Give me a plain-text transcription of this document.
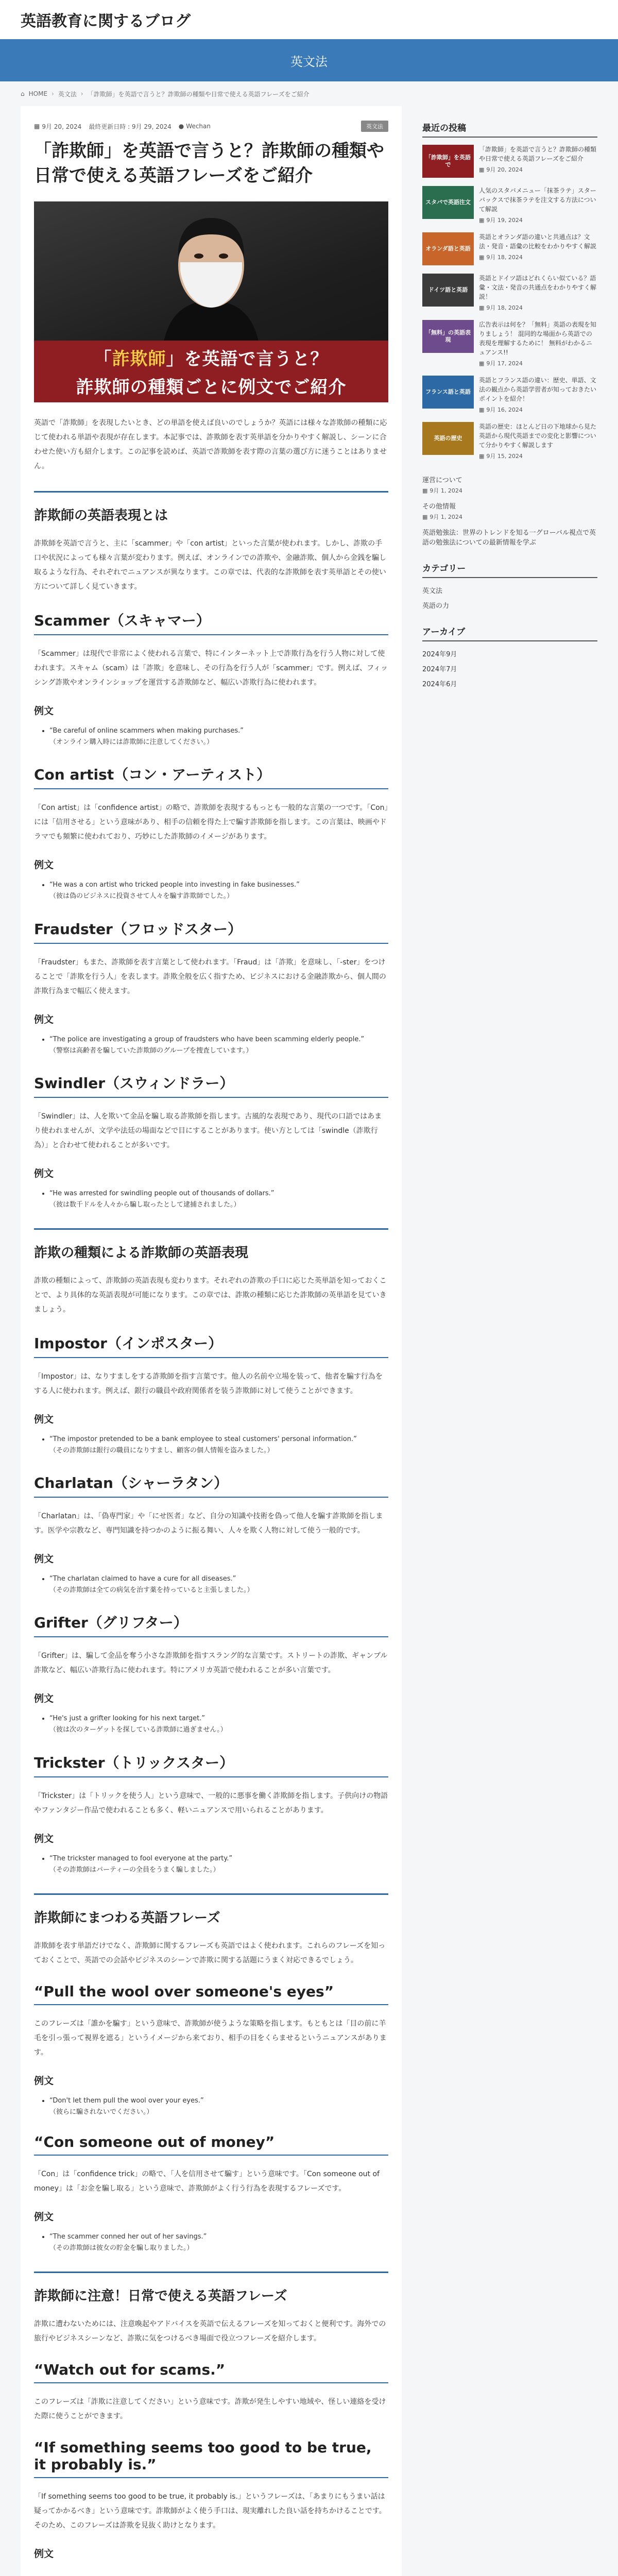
英語教育に関するブログ
英文法
⌂ HOME › 英文法 › 「詐欺師」を英語で言うと？詐欺師の種類や日常で使える英語フレーズをご紹介
▦ 9月 20, 2024 最終更新日時 : 9月 29, 2024 ● Wechan	英文法
「詐欺師」を英語で言うと？詐欺師の種類や日常で使える英語フレーズをご紹介
「詐欺師」を英語で言うと？
詐欺師の種類ごとに例文でご紹介

英語で「詐欺師」を表現したいとき、どの単語を使えば良いのでしょうか？英語には様々な詐欺師の種類に応じて使われる単語や表現が存在します。本記事では、詐欺師を表す英単語を分かりやすく解説し、シーンに合わせた使い方も紹介します。この記事を読めば、英語で詐欺師を表す際の言葉の選び方に迷うことはありません。

詐欺師の英語表現とは

詐欺師を英語で言うと、主に「scammer」や「con artist」といった言葉が使われます。しかし、詐欺の手口や状況によっても様々言葉が変わります。例えば、オンラインでの詐欺や、金融詐欺、個人から金銭を騙し取るような行為、それぞれでニュアンスが異なります。この章では、代表的な詐欺師を表す英単語とその使い方について詳しく見ていきます。

Scammer（スキャマー）

「Scammer」は現代で非常によく使われる言葉で、特にインターネット上で詐欺行為を行う人物に対して使われます。スキャム（scam）は「詐欺」を意味し、その行為を行う人が「scammer」です。例えば、フィッシング詐欺やオンラインショップを運営する詐欺師など、幅広い詐欺行為に使われます。

例文
• “Be careful of online scammers when making purchases.”
（オンライン購入時には詐欺師に注意してください。）
Con artist（コン・アーティスト）

「Con artist」は「confidence artist」の略で、詐欺師を表現するもっとも一般的な言葉の一つです。「Con」には「信用させる」という意味があり、相手の信頼を得た上で騙す詐欺師を指します。この言葉は、映画やドラマでも頻繁に使われており、巧妙にした詐欺師のイメージがあります。

例文
• “He was a con artist who tricked people into investing in fake businesses.”
（彼は偽のビジネスに投資させて人々を騙す詐欺師でした。）
Fraudster（フロッドスター）

「Fraudster」もまた、詐欺師を表す言葉として使われます。「Fraud」は「詐欺」を意味し、「-ster」をつけることで「詐欺を行う人」を表します。詐欺全般を広く指すため、ビジネスにおける金融詐欺から、個人間の詐欺行為まで幅広く使えます。

例文
• “The police are investigating a group of fraudsters who have been scamming elderly people.”
（警察は高齢者を騙していた詐欺師のグループを捜査しています。）
Swindler（スウィンドラー）

「Swindler」は、人を欺いて金品を騙し取る詐欺師を指します。古風的な表現であり、現代の口語ではあまり使われませんが、文学や法廷の場面などで目にすることがあります。使い方としては「swindle（詐欺行為）」と合わせて使われることが多いです。

例文
• “He was arrested for swindling people out of thousands of dollars.”
（彼は数千ドルを人々から騙し取ったとして逮捕されました。）
詐欺の種類による詐欺師の英語表現

詐欺の種類によって、詐欺師の英語表現も変わります。それぞれの詐欺の手口に応じた英単語を知っておくことで、より具体的な英語表現が可能になります。この章では、詐欺の種類に応じた詐欺師の英単語を見ていきましょう。

Impostor（インポスター）

「Impostor」は、なりすましをする詐欺師を指す言葉です。他人の名前や立場を装って、他者を騙す行為をする人に使われます。例えば、銀行の職員や政府関係者を装う詐欺師に対して使うことができます。

例文
• “The impostor pretended to be a bank employee to steal customers' personal information.”
（その詐欺師は銀行の職員になりすまし、顧客の個人情報を盗みました。）
Charlatan（シャーラタン）

「Charlatan」は、「偽専門家」や「にせ医者」など、自分の知識や技術を偽って他人を騙す詐欺師を指します。医学や宗教など、専門知識を持つかのように振る舞い、人々を欺く人物に対して使う一般的です。

例文
• “The charlatan claimed to have a cure for all diseases.”
（その詐欺師は全ての病気を治す薬を持っていると主張しました。）
Grifter（グリフター）

「Grifter」は、騙して金品を奪う小さな詐欺師を指すスラング的な言葉です。ストリートの詐欺、ギャンブル詐欺など、幅広い詐欺行為に使われます。特にアメリカ英語で使われることが多い言葉です。

例文
• “He's just a grifter looking for his next target.”
（彼は次のターゲットを探している詐欺師に過ぎません。）
Trickster（トリックスター）

「Trickster」は「トリックを使う人」という意味で、一般的に悪事を働く詐欺師を指します。子供向けの物語やファンタジー作品で使われることも多く、軽いニュアンスで用いられることがあります。

例文
• “The trickster managed to fool everyone at the party.”
（その詐欺師はパーティーの全員をうまく騙しました。）
詐欺師にまつわる英語フレーズ

詐欺師を表す単語だけでなく、詐欺師に関するフレーズも英語ではよく使われます。これらのフレーズを知っておくことで、英語での会話やビジネスのシーンで詐欺に関する話題にうまく対応できるでしょう。

“Pull the wool over someone's eyes”

このフレーズは「誰かを騙す」という意味で、詐欺師が使うような策略を指します。もともとは「目の前に羊毛を引っ張って視界を遮る」というイメージから来ており、相手の目をくらませるというニュアンスがあります。

例文
• “Don't let them pull the wool over your eyes.”
（彼らに騙されないでください。）
“Con someone out of money”

「Con」は「confidence trick」の略で、「人を信用させて騙す」という意味です。「Con someone out of money」は「お金を騙し取る」という意味で、詐欺師がよく行う行為を表現するフレーズです。

例文
• “The scammer conned her out of her savings.”
（その詐欺師は彼女の貯金を騙し取りました。）
詐欺師に注意！日常で使える英語フレーズ

詐欺に遭わないためには、注意喚起やアドバイスを英語で伝えるフレーズを知っておくと便利です。海外での旅行やビジネスシーンなど、詐欺に気をつけるべき場面で役立つフレーズを紹介します。

“Watch out for scams.”

このフレーズは「詐欺に注意してください」という意味です。詐欺が発生しやすい地域や、怪しい連絡を受けた際に使うことができます。

“If something seems too good to be true, it probably is.”

「If something seems too good to be true, it probably is.」というフレーズは、「あまりにもうまい話は疑ってかかるべき」という意味です。詐欺師がよく使う手口は、現実離れした良い話を持ちかけることです。そのため、このフレーズは詐欺を見抜く助けとなります。

例文
最近の投稿
「詐欺師」を英語で
「詐欺師」を英語で言うと？詐欺師の種類や日常で使える英語フレーズをご紹介
▦ 9月 20, 2024
スタバで英語注文
人気のスタバメニュー「抹茶ラテ」スターバックスで抹茶ラテを注文する方法について解説
▦ 9月 19, 2024
オランダ語と英語
英語とオランダ語の違いと共通点は？文法・発音・語彙の比較をわかりやすく解説
▦ 9月 18, 2024
ドイツ語と英語
英語とドイツ語はどれくらい似ている？語彙・文法・発音の共通点をわかりやすく解説！
▦ 9月 18, 2024
「無料」の英語表現
広告表示は何を？「無料」英語の表現を知りましょう！ 混同的な場面から英語での表現を理解するために！ 無料がわかるニュアンス!!
▦ 9月 17, 2024
フランス語と英語
英語とフランス語の違い：歴史、単語、文法の観点から英語学習者が知っておきたいポイントを紹介！
▦ 9月 16, 2024
英語の歴史
英語の歴史：ほとんど日の下地球から見た英語から現代英語までの変化と影響について分かりやすく解説します
▦ 9月 15, 2024
運営について
▦ 9月 1, 2024
その他情報
▦ 9月 1, 2024
英語勉強法：世界のトレンドを知る一グローバル視点で英語の勉強法についての最新情報を学ぶ
カテゴリー
英文法
英語の力
アーカイブ
2024年9月
2024年7月
2024年6月
